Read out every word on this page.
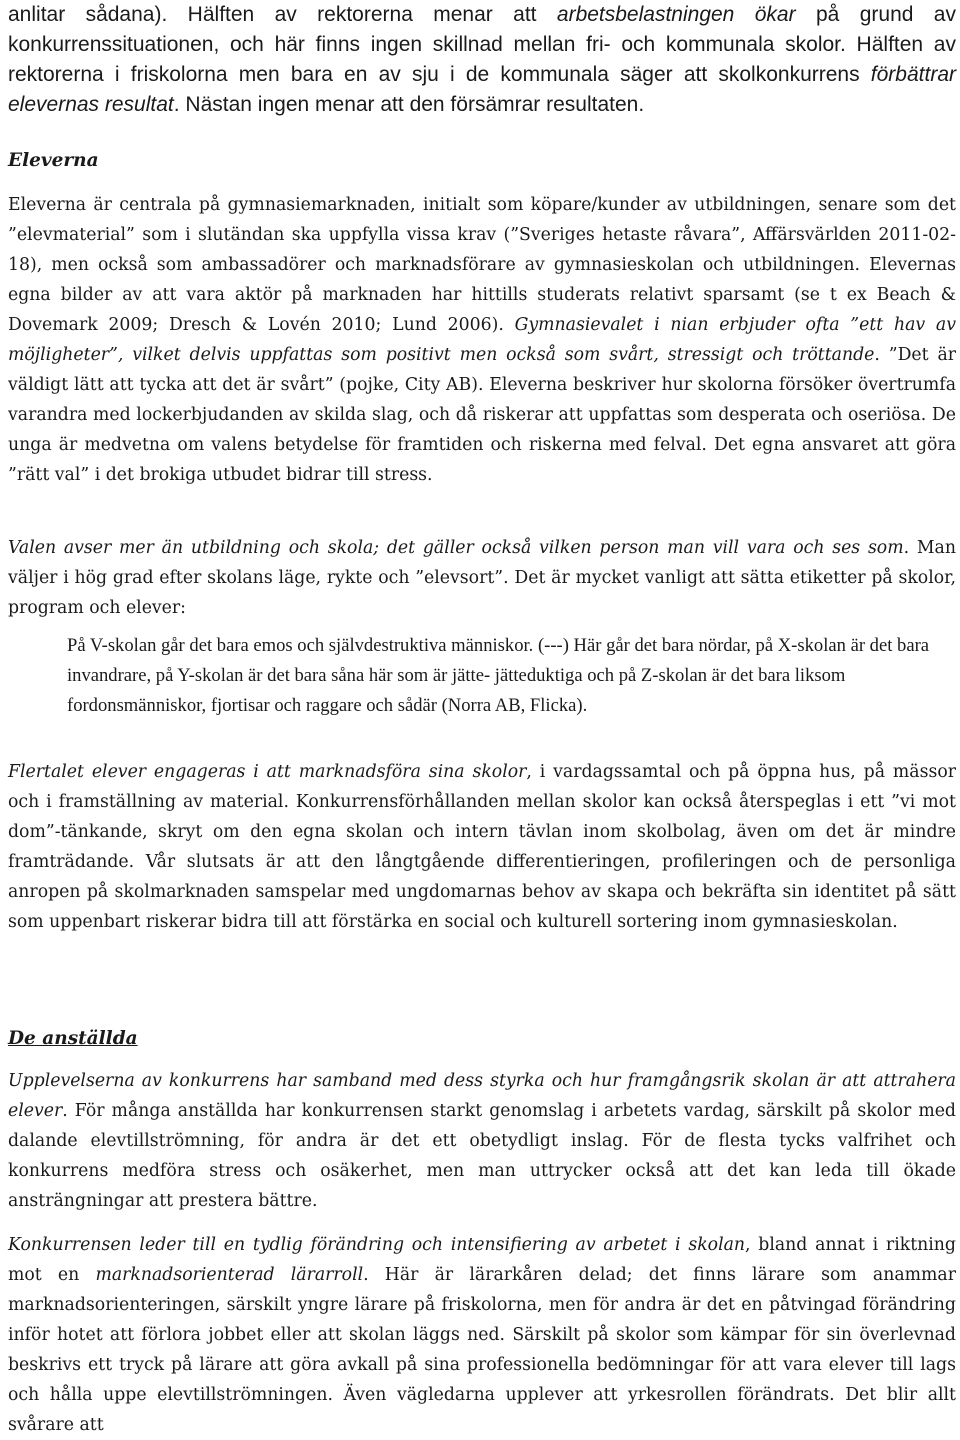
anlitar sådana). Hälften av rektorerna menar att arbetsbelastningen ökar på grund av konkurrenssituationen, och här finns ingen skillnad mellan fri- och kommunala skolor. Hälften av rektorerna i friskolorna men bara en av sju i de kommunala säger att skolkonkurrens förbättrar elevernas resultat. Nästan ingen menar att den försämrar resultaten.

Eleverna

Eleverna är centrala på gymnasiemarknaden, initialt som köpare/kunder av utbildningen, senare som det ”elevmaterial” som i slutändan ska uppfylla vissa krav (”Sveriges hetaste råvara”, Affärsvärlden 2011-02-18), men också som ambassadörer och marknadsförare av gymnasieskolan och utbildningen. Elevernas egna bilder av att vara aktör på marknaden har hittills studerats relativt sparsamt (se t ex Beach & Dovemark 2009; Dresch & Lovén 2010; Lund 2006). Gymnasievalet i nian erbjuder ofta ”ett hav av möjligheter”, vilket delvis uppfattas som positivt men också som svårt, stressigt och tröttande. ”Det är väldigt lätt att tycka att det är svårt” (pojke, City AB). Eleverna beskriver hur skolorna försöker övertrumfa varandra med lockerbjudanden av skilda slag, och då riskerar att uppfattas som desperata och oseriösa. De unga är medvetna om valens betydelse för framtiden och riskerna med felval. Det egna ansvaret att göra ”rätt val” i det brokiga utbudet bidrar till stress.

Valen avser mer än utbildning och skola; det gäller också vilken person man vill vara och ses som. Man väljer i hög grad efter skolans läge, rykte och ”elevsort”. Det är mycket vanligt att sätta etiketter på skolor, program och elever:

På V-skolan går det bara emos och självdestruktiva människor. (---) Här går det bara nördar, på X-skolan är det bara invandrare, på Y-skolan är det bara såna här som är jätte- jätteduktiga och på Z-skolan är det bara liksom fordonsmänniskor, fjortisar och raggare och sådär (Norra AB, Flicka).

Flertalet elever engageras i att marknadsföra sina skolor, i vardagssamtal och på öppna hus, på mässor och i framställning av material. Konkurrensförhållanden mellan skolor kan också återspeglas i ett ”vi mot dom”-tänkande, skryt om den egna skolan och intern tävlan inom skolbolag, även om det är mindre framträdande. Vår slutsats är att den långtgående differentieringen, profileringen och de personliga anropen på skolmarknaden samspelar med ungdomarnas behov av skapa och bekräfta sin identitet på sätt som uppenbart riskerar bidra till att förstärka en social och kulturell sortering inom gymnasieskolan.

De anställda

Upplevelserna av konkurrens har samband med dess styrka och hur framgångsrik skolan är att attrahera elever. För många anställda har konkurrensen starkt genomslag i arbetets vardag, särskilt på skolor med dalande elevtillströmning, för andra är det ett obetydligt inslag. För de flesta tycks valfrihet och konkurrens medföra stress och osäkerhet, men man uttrycker också att det kan leda till ökade ansträngningar att prestera bättre.

Konkurrensen leder till en tydlig förändring och intensifiering av arbetet i skolan, bland annat i riktning mot en marknadsorienterad lärarroll. Här är lärarkåren delad; det finns lärare som anammar marknadsorienteringen, särskilt yngre lärare på friskolorna, men för andra är det en påtvingad förändring inför hotet att förlora jobbet eller att skolan läggs ned. Särskilt på skolor som kämpar för sin överlevnad beskrivs ett tryck på lärare att göra avkall på sina professionella bedömningar för att vara elever till lags och hålla uppe elevtillströmningen. Även vägledarna upplever att yrkesrollen förändrats. Det blir allt svårare att
